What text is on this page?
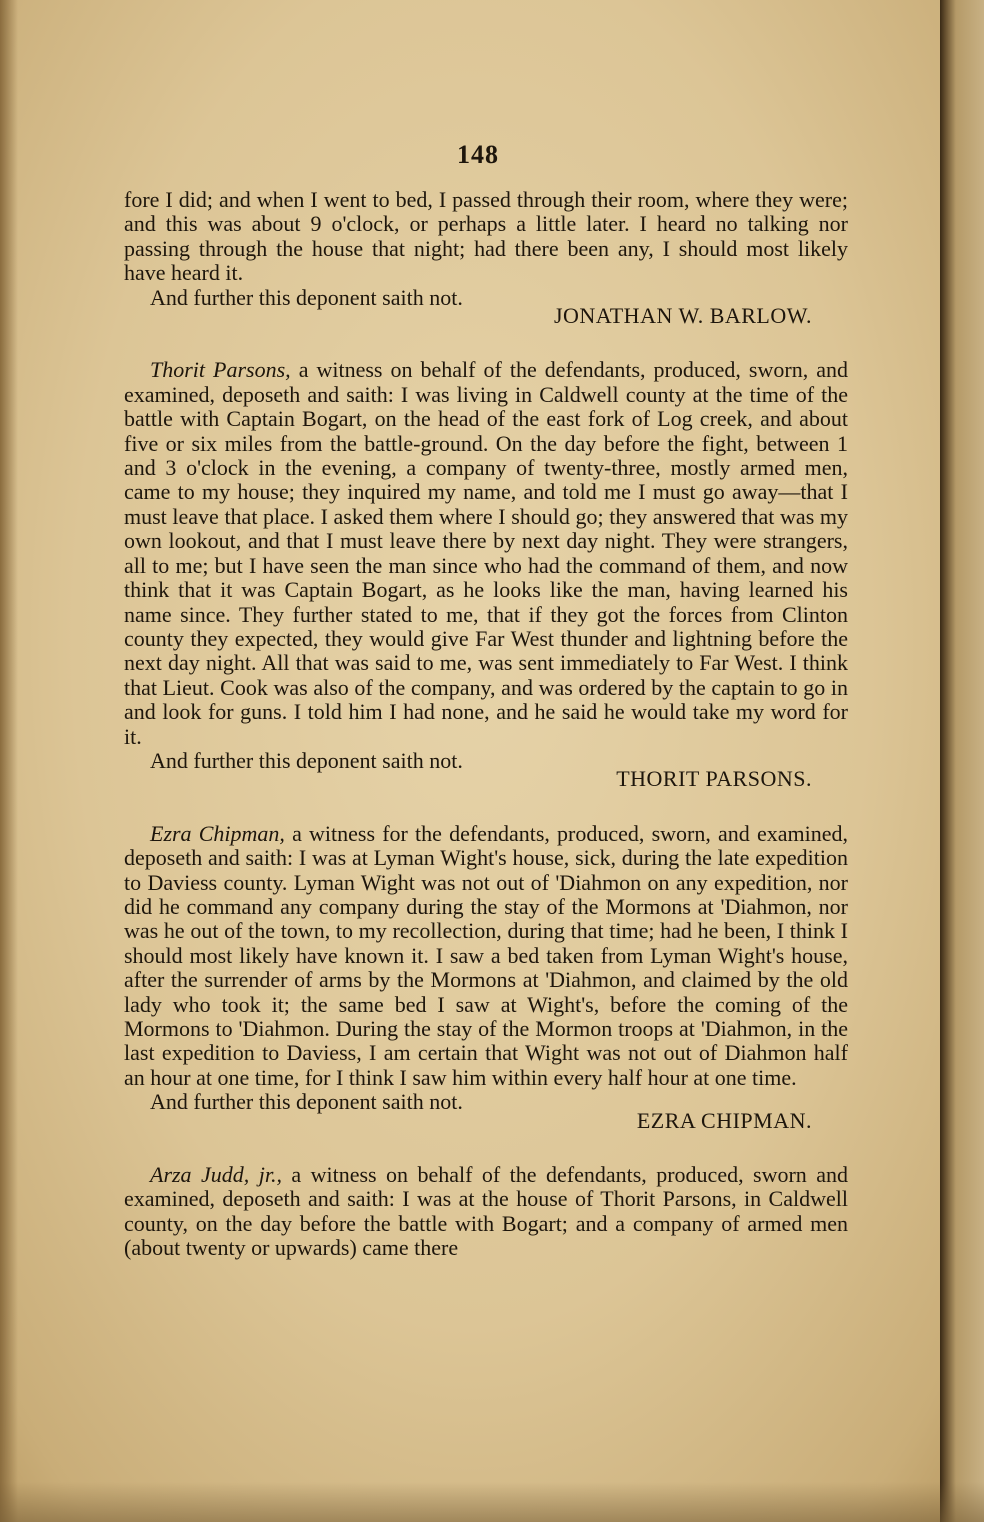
148

fore I did; and when I went to bed, I passed through their room, where they were; and this was about 9 o'clock, or perhaps a little later. I heard no talking nor passing through the house that night; had there been any, I should most likely have heard it.

And further this deponent saith not.

JONATHAN W. BARLOW.

Thorit Parsons, a witness on behalf of the defendants, produced, sworn, and examined, deposeth and saith: I was living in Caldwell county at the time of the battle with Captain Bogart, on the head of the east fork of Log creek, and about five or six miles from the battle-ground. On the day before the fight, between 1 and 3 o'clock in the evening, a company of twenty-three, mostly armed men, came to my house; they inquired my name, and told me I must go away—that I must leave that place. I asked them where I should go; they answered that was my own lookout, and that I must leave there by next day night. They were strangers, all to me; but I have seen the man since who had the command of them, and now think that it was Captain Bogart, as he looks like the man, having learned his name since. They further stated to me, that if they got the forces from Clinton county they expected, they would give Far West thunder and lightning before the next day night. All that was said to me, was sent immediately to Far West. I think that Lieut. Cook was also of the company, and was ordered by the captain to go in and look for guns. I told him I had none, and he said he would take my word for it.

And further this deponent saith not.

THORIT PARSONS.

Ezra Chipman, a witness for the defendants, produced, sworn, and examined, deposeth and saith: I was at Lyman Wight's house, sick, during the late expedition to Daviess county. Lyman Wight was not out of 'Diahmon on any expedition, nor did he command any company during the stay of the Mormons at 'Diahmon, nor was he out of the town, to my recollection, during that time; had he been, I think I should most likely have known it. I saw a bed taken from Lyman Wight's house, after the surrender of arms by the Mormons at 'Diahmon, and claimed by the old lady who took it; the same bed I saw at Wight's, before the coming of the Mormons to 'Diahmon. During the stay of the Mormon troops at 'Diahmon, in the last expedition to Daviess, I am certain that Wight was not out of Diahmon half an hour at one time, for I think I saw him within every half hour at one time.

And further this deponent saith not.

EZRA CHIPMAN.

Arza Judd, jr., a witness on behalf of the defendants, produced, sworn and examined, deposeth and saith: I was at the house of Thorit Parsons, in Caldwell county, on the day before the battle with Bogart; and a company of armed men (about twenty or upwards) came there
